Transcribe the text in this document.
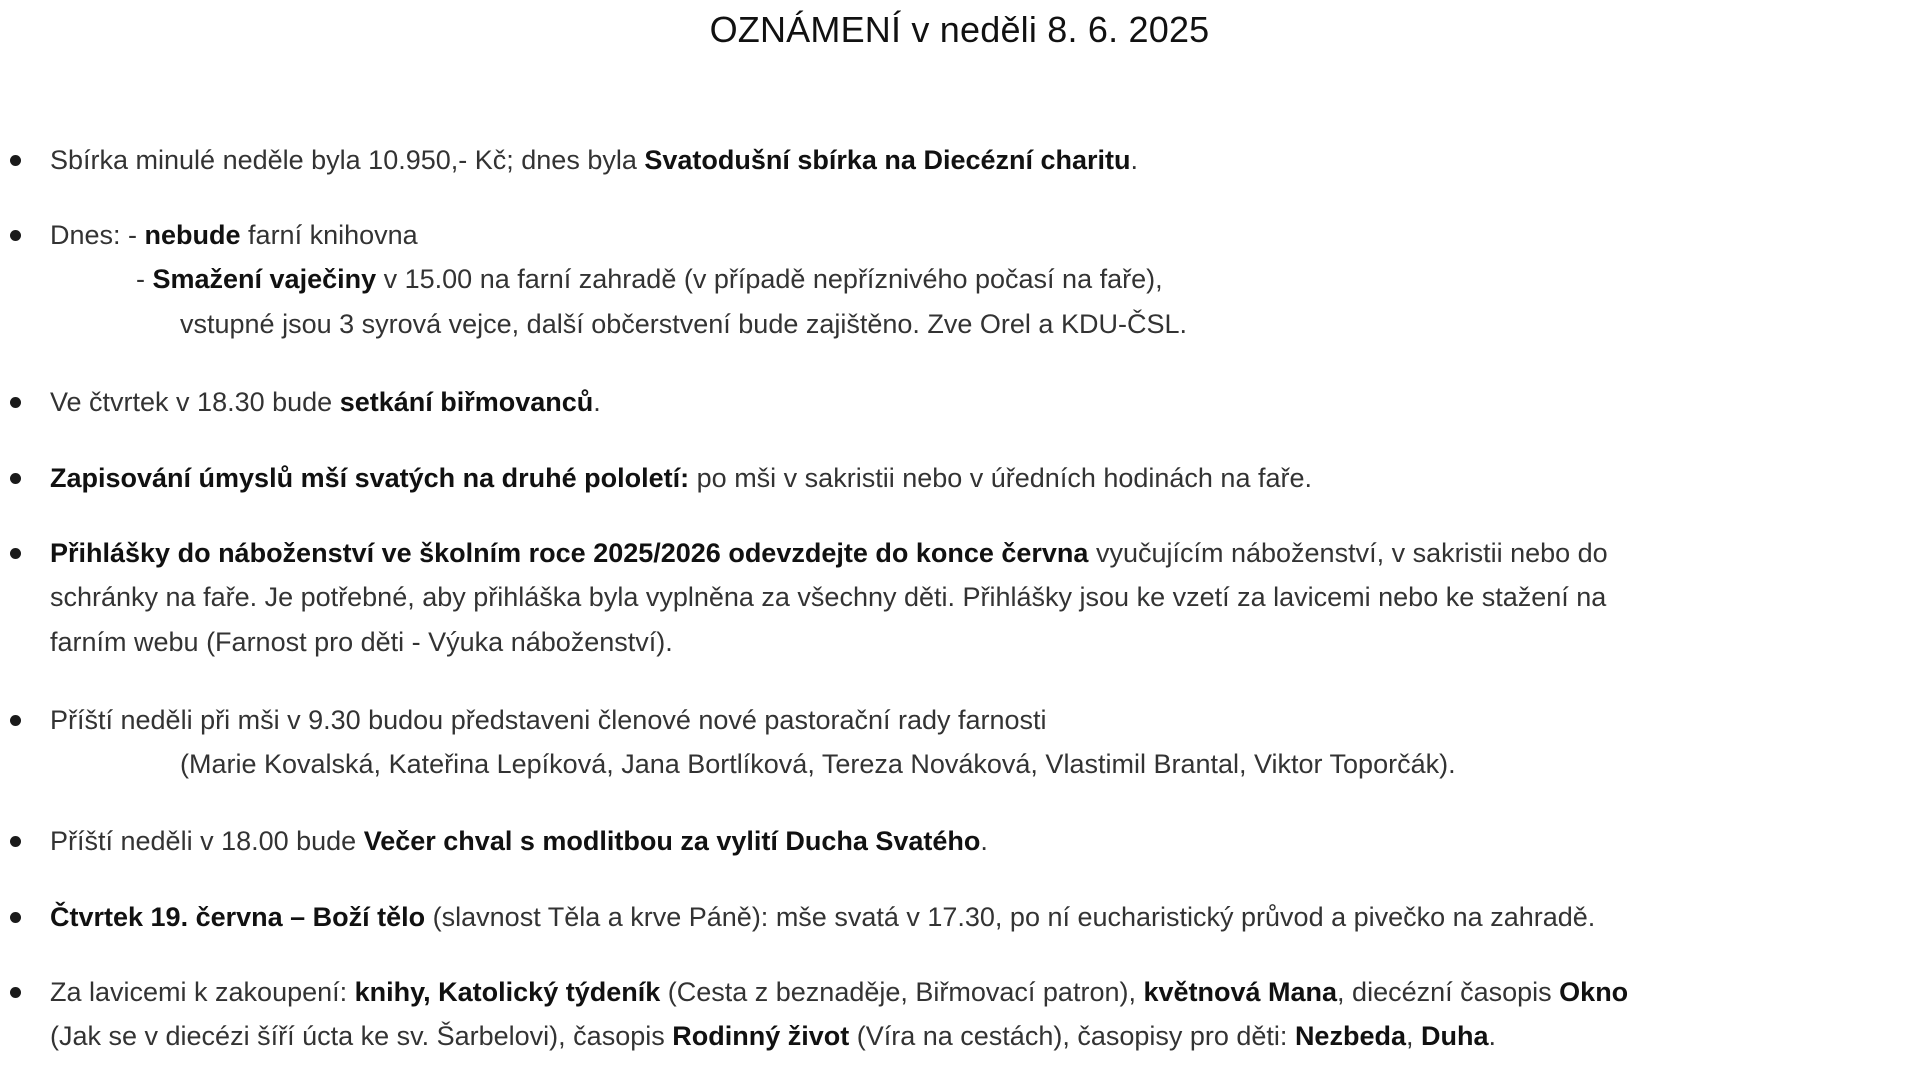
OZNÁMENÍ v neděli 8. 6. 2025
Sbírka minulé neděle byla 10.950,- Kč; dnes byla Svatodušní sbírka na Diecézní charitu.
Dnes: - nebude farní knihovna
- Smažení vaječiny v 15.00 na farní zahradě (v případě nepříznivého počasí na faře),
vstupné jsou 3 syrová vejce, další občerstvení bude zajištěno. Zve Orel a KDU-ČSL.
Ve čtvrtek v 18.30 bude setkání biřmovanců.
Zapisování úmyslů mší svatých na druhé pololetí: po mši v sakristii nebo v úředních hodinách na faře.
Přihlášky do náboženství ve školním roce 2025/2026 odevzdejte do konce června vyučujícím náboženství, v sakristii nebo do
schránky na faře. Je potřebné, aby přihláška byla vyplněna za všechny děti. Přihlášky jsou ke vzetí za lavicemi nebo ke stažení na
farním webu (Farnost pro děti - Výuka náboženství).
Příští neděli při mši v 9.30 budou představeni členové nové pastorační rady farnosti
(Marie Kovalská, Kateřina Lepíková, Jana Bortlíková, Tereza Nováková, Vlastimil Brantal, Viktor Toporčák).
Příští neděli v 18.00 bude Večer chval s modlitbou za vylití Ducha Svatého.
Čtvrtek 19. června – Boží tělo (slavnost Těla a krve Páně): mše svatá v 17.30, po ní eucharistický průvod a pivečko na zahradě.
Za lavicemi k zakoupení: knihy, Katolický týdeník (Cesta z beznaděje, Biřmovací patron), květnová Mana, diecézní časopis Okno
(Jak se v diecézi šíří úcta ke sv. Šarbelovi), časopis Rodinný život (Víra na cestách), časopisy pro děti: Nezbeda, Duha.
